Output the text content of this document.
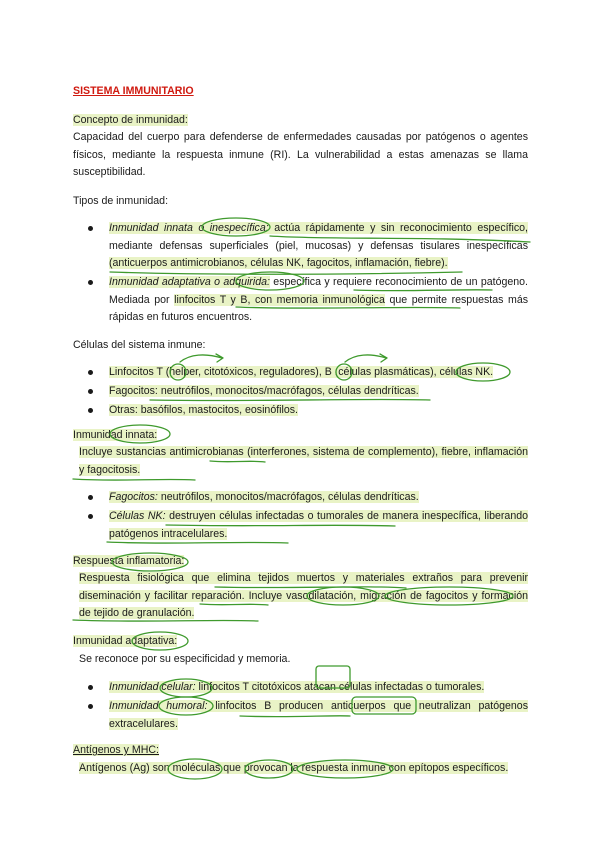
SISTEMA IMMUNITARIO
Concepto de inmunidad:
Capacidad del cuerpo para defenderse de enfermedades causadas por patógenos o agentes físicos, mediante la respuesta inmune (RI). La vulnerabilidad a estas amenazas se llama susceptibilidad.
Tipos de inmunidad:
Inmunidad innata o inespecífica: actúa rápidamente y sin reconocimiento específico, mediante defensas superficiales (piel, mucosas) y defensas tisulares inespecíficas (anticuerpos antimicrobianos, células NK, fagocitos, inflamación, fiebre).
Inmunidad adaptativa o adquirida: específica y requiere reconocimiento de un patógeno. Mediada por linfocitos T y B, con memoria inmunológica que permite respuestas más rápidas en futuros encuentros.
Células del sistema inmune:
Linfocitos T (helper, citotóxicos, reguladores), B (células plasmáticas), células NK.
Fagocitos: neutrófilos, monocitos/macrófagos, células dendríticas.
Otras: basófilos, mastocitos, eosinófilos.
Inmunidad innata:
Incluye sustancias antimicrobianas (interferones, sistema de complemento), fiebre, inflamación y fagocitosis.
Fagocitos: neutrófilos, monocitos/macrófagos, células dendríticas.
Células NK: destruyen células infectadas o tumorales de manera inespecífica, liberando patógenos intracelulares.
Respuesta inflamatoria:
Respuesta fisiológica que elimina tejidos muertos y materiales extraños para prevenir diseminación y facilitar reparación. Incluye vasodilatación, migración de fagocitos y formación de tejido de granulación.
Inmunidad adaptativa:
Se reconoce por su especificidad y memoria.
Inmunidad celular: linfocitos T citotóxicos atacan células infectadas o tumorales.
Inmunidad humoral: linfocitos B producen anticuerpos que neutralizan patógenos extracelulares.
Antígenos y MHC:
Antígenos (Ag) son moléculas que provocan la respuesta inmune con epítopos específicos.
